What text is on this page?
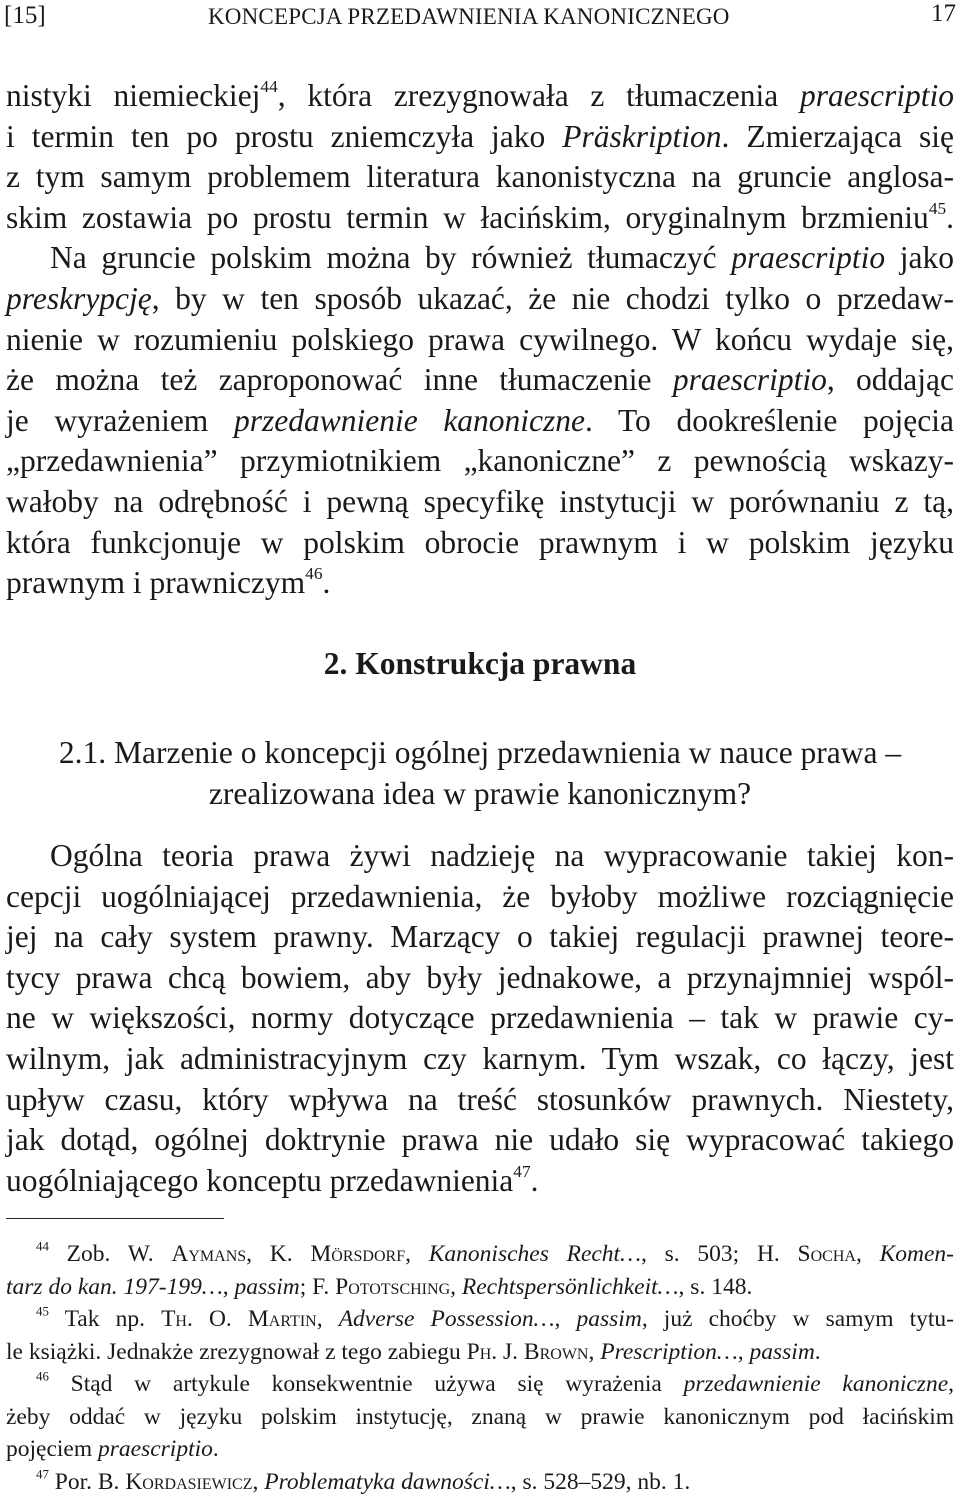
[15]	KONCEPCJA PRZEDAWNIENIA KANONICZNEGO	17
nistyki niemieckiej$^{44}$, która zrezygnowała z tłumaczenia praescriptio
i termin ten po prostu zniemczyła jako Präskription. Zmierzająca się
z tym samym problemem literatura kanonistyczna na gruncie anglosa-
skim zostawia po prostu termin w łacińskim, oryginalnym brzmieniu$^{45}$.
Na gruncie polskim można by również tłumaczyć praescriptio jako
preskrypcję, by w ten sposób ukazać, że nie chodzi tylko o przedaw-
nienie w rozumieniu polskiego prawa cywilnego. W końcu wydaje się,
że można też zaproponować inne tłumaczenie praescriptio, oddając
je wyrażeniem przedawnienie kanoniczne. To dookreślenie pojęcia
„przedawnienia” przymiotnikiem „kanoniczne” z pewnością wskazy-
wałoby na odrębność i pewną specyfikę instytucji w porównaniu z tą,
która funkcjonuje w polskim obrocie prawnym i w polskim języku
prawnym i prawniczym$^{46}$.
2. Konstrukcja prawna
2.1. Marzenie o koncepcji ogólnej przedawnienia w nauce prawa –
zrealizowana idea w prawie kanonicznym?
Ogólna teoria prawa żywi nadzieję na wypracowanie takiej kon-
cepcji uogólniającej przedawnienia, że byłoby możliwe rozciągnięcie
jej na cały system prawny. Marzący o takiej regulacji prawnej teore-
tycy prawa chcą bowiem, aby były jednakowe, a przynajmniej wspól-
ne w większości, normy dotyczące przedawnienia – tak w prawie cy-
wilnym, jak administracyjnym czy karnym. Tym wszak, co łączy, jest
upływ czasu, który wpływa na treść stosunków prawnych. Niestety,
jak dotąd, ogólnej doktrynie prawa nie udało się wypracować takiego
uogólniającego konceptu przedawnienia$^{47}$.
$^{44}$ Zob. W. Aymans, K. Mörsdorf, Kanonisches Recht…, s. 503; H. Socha, Komen-
tarz do kan. 197-199…, passim; F. Pototsching, Rechtspersönlichkeit…, s. 148.
$^{45}$ Tak np. Th. O. Martin, Adverse Possession…, passim, już choćby w samym tytu-
le książki. Jednakże zrezygnował z tego zabiegu Ph. J. Brown, Prescription…, passim.
$^{46}$ Stąd w artykule konsekwentnie używa się wyrażenia przedawnienie kanoniczne,
żeby oddać w języku polskim instytucję, znaną w prawie kanonicznym pod łacińskim
pojęciem praescriptio.
$^{47}$ Por. B. Kordasiewicz, Problematyka dawności…, s. 528–529, nb. 1.
